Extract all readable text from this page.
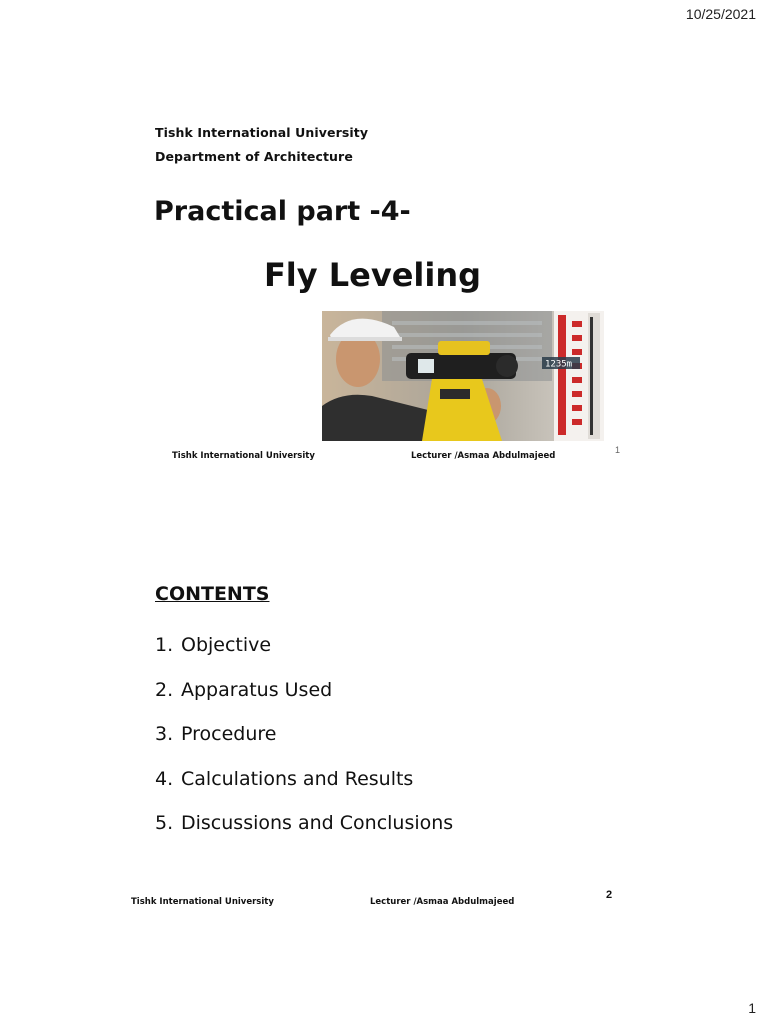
10/25/2021
Tishk International University
Department of Architecture
Practical part -4-
Fly Leveling
1235m
Tishk International University	Lecturer /Asmaa Abdulmajeed
1
CONTENTS
1. Objective
2. Apparatus Used
3. Procedure
4. Calculations and Results
5. Discussions and Conclusions
Tishk International University	Lecturer /Asmaa Abdulmajeed
2
1
